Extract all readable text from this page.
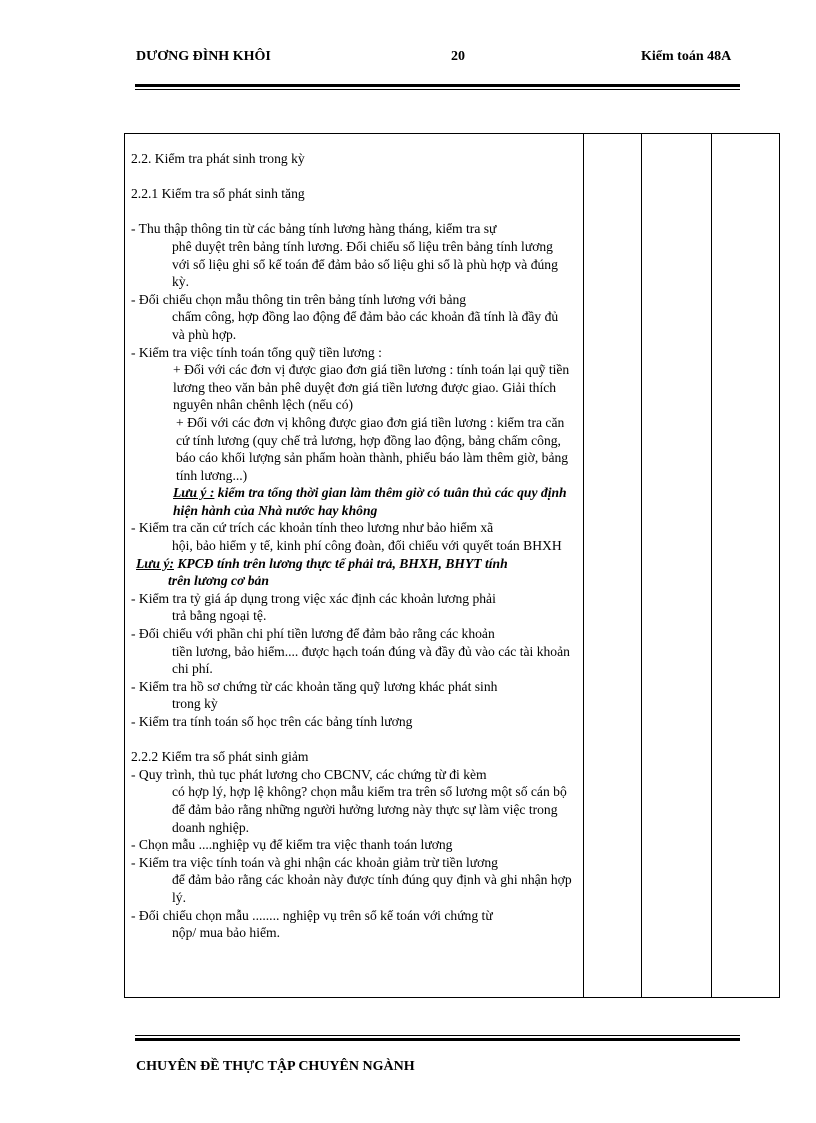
DƯƠNG ĐÌNH KHÔI	20	Kiểm toán 48A

2.2. Kiểm tra phát sinh trong kỳ

2.2.1 Kiểm tra số phát sinh tăng

- Thu thập thông tin từ các bảng tính lương hàng tháng, kiểm tra sự
phê duyệt trên bảng tính lương. Đối chiếu số liệu trên bảng tính lương với số liệu ghi sổ kế toán để đảm bảo số liệu ghi sổ là phù hợp và đúng kỳ.

- Đối chiếu chọn mẫu thông tin trên bảng tính lương với bảng
chấm công, hợp đồng lao động để đảm bảo các khoản đã tính là đầy đủ và phù hợp.

- Kiểm tra việc tính toán tổng quỹ tiền lương :

+ Đối với các đơn vị được giao đơn giá tiền lương : tính toán lại quỹ tiền lương theo văn bản phê duyệt đơn giá tiền lương được giao. Giải thích nguyên nhân chênh lệch (nếu có)

+ Đối với các đơn vị không được giao đơn giá tiền lương : kiểm tra căn cứ tính lương (quy chế trả lương, hợp đồng lao động, bảng chấm công, báo cáo khối lượng sản phẩm hoàn thành, phiếu báo làm thêm giờ, bảng tính lương...)

Lưu ý : kiểm tra tổng thời gian làm thêm giờ có tuân thủ các quy định hiện hành của Nhà nước hay không

- Kiểm tra căn cứ trích các khoản tính theo lương như bảo hiểm xã
hội, bảo hiểm y tế, kinh phí công đoàn, đối chiếu với quyết toán BHXH

Lưu ý: KPCĐ tính trên lương thực tế phải trả, BHXH, BHYT tính
trên lương cơ bản

- Kiểm tra tỷ giá áp dụng trong việc xác định các khoản lương phải
trả bằng ngoại tệ.

- Đối chiếu với phần chi phí tiền lương để đảm bảo rằng các khoản
tiền lương, bảo hiểm.... được hạch toán đúng và đầy đủ vào các tài khoản chi phí.

- Kiểm tra hồ sơ chứng từ các khoản tăng quỹ lương khác phát sinh
trong kỳ

- Kiểm tra tính toán số học trên các bảng tính lương

2.2.2 Kiểm tra số phát sinh giảm

- Quy trình, thủ tục phát lương cho CBCNV, các chứng từ đi kèm
có hợp lý, hợp lệ không? chọn mẫu kiểm tra trên sổ lương một số cán bộ để đảm bảo rằng những người hưởng lương này thực sự làm việc trong doanh nghiệp.

- Chọn mẫu ....nghiệp vụ để kiểm tra việc thanh toán lương

- Kiểm tra việc tính toán và ghi nhận các khoản giảm trừ tiền lương
để đảm bảo rằng các khoản này được tính đúng quy định và ghi nhận hợp lý.

- Đối chiếu chọn mẫu ........ nghiệp vụ trên sổ kế toán với chứng từ
nộp/ mua bảo hiểm.

CHUYÊN ĐỀ THỰC TẬP CHUYÊN NGÀNH
